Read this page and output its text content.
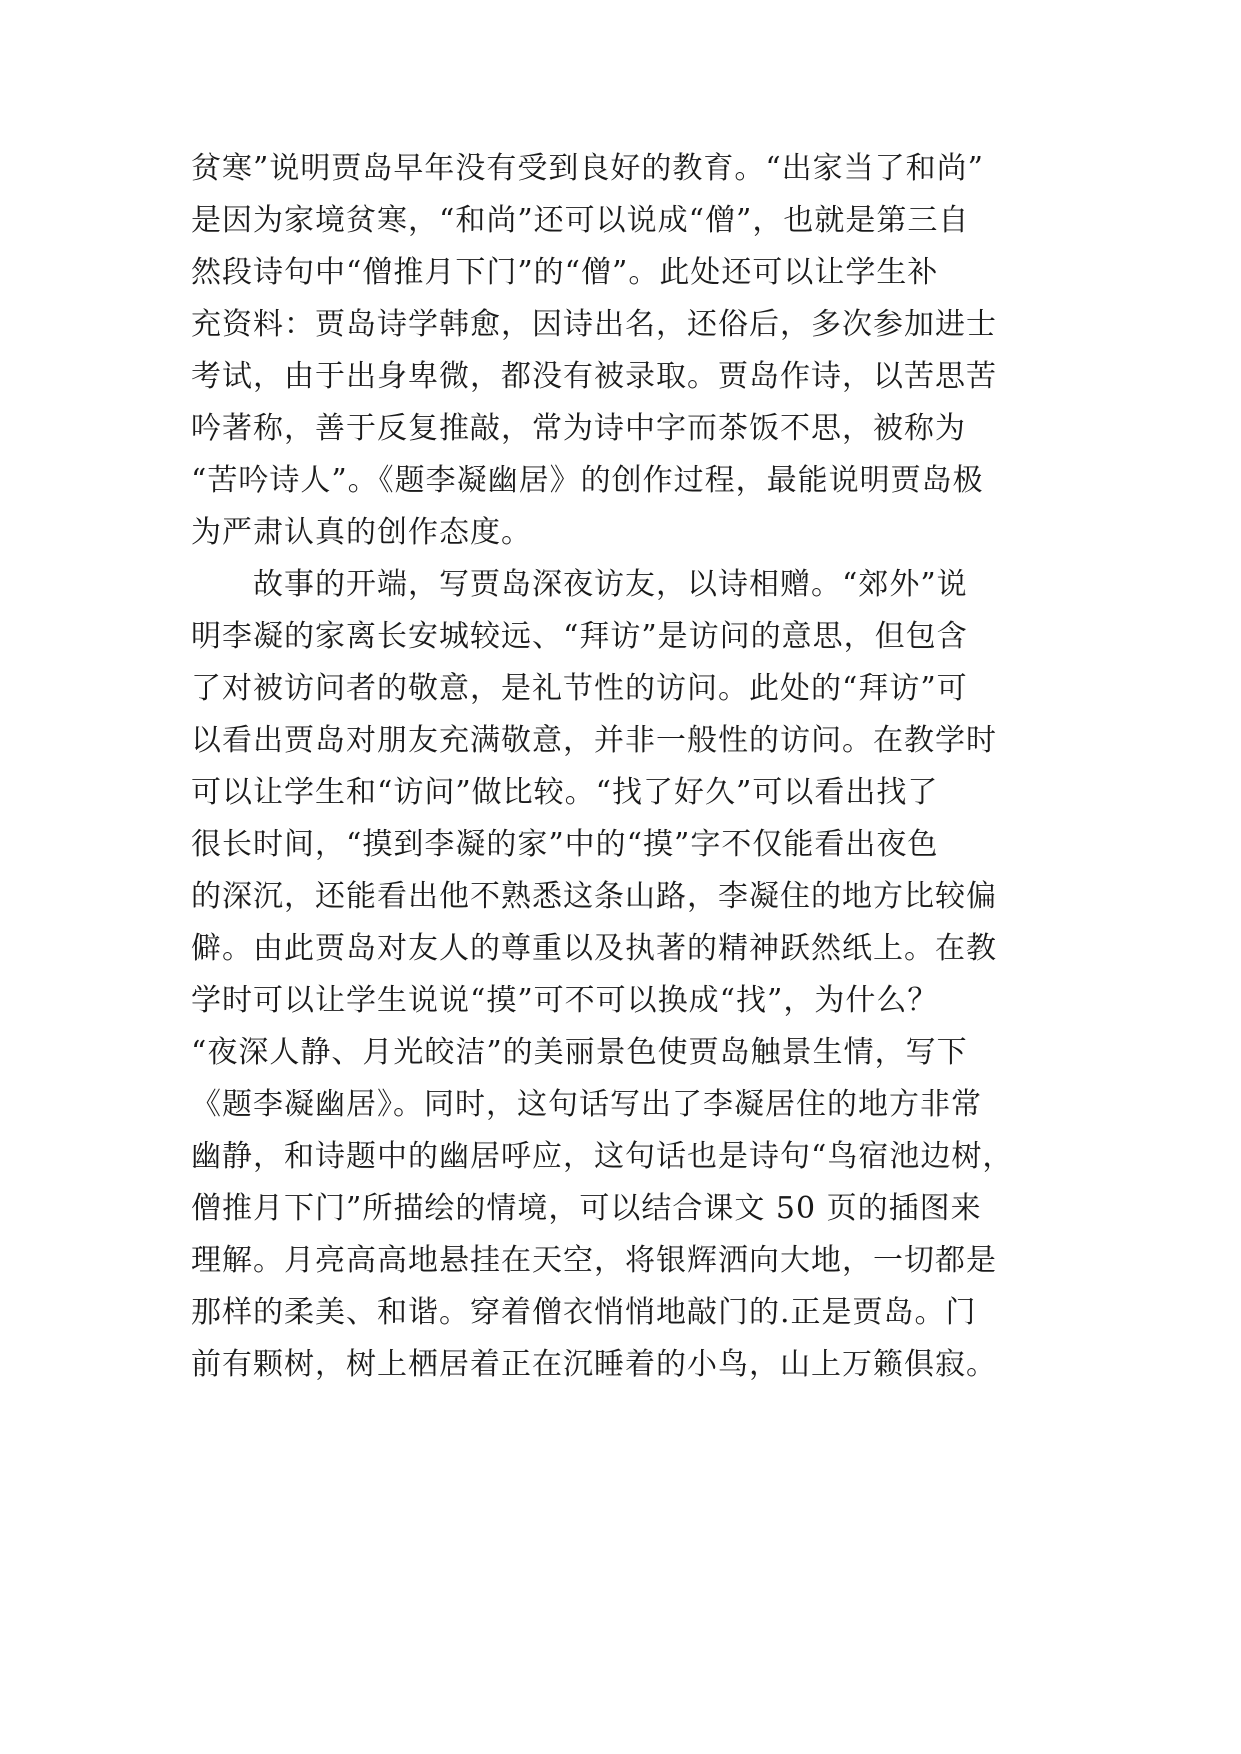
贫寒”说明贾岛早年没有受到良好的教育。“出家当了和尚”
是因为家境贫寒，“和尚”还可以说成“僧”，也就是第三自
然段诗句中“僧推月下门”的“僧”。此处还可以让学生补
充资料：贾岛诗学韩愈，因诗出名，还俗后，多次参加进士
考试，由于出身卑微，都没有被录取。贾岛作诗，以苦思苦
吟著称，善于反复推敲，常为诗中字而茶饭不思，被称为
“苦吟诗人”。《题李凝幽居》的创作过程，最能说明贾岛极
为严肃认真的创作态度。
故事的开端，写贾岛深夜访友，以诗相赠。“郊外”说
明李凝的家离长安城较远、“拜访”是访问的意思，但包含
了对被访问者的敬意，是礼节性的访问。此处的“拜访”可
以看出贾岛对朋友充满敬意，并非一般性的访问。在教学时
可以让学生和“访问”做比较。“找了好久”可以看出找了
很长时间，“摸到李凝的家”中的“摸”字不仅能看出夜色
的深沉，还能看出他不熟悉这条山路，李凝住的地方比较偏
僻。由此贾岛对友人的尊重以及执著的精神跃然纸上。在教
学时可以让学生说说“摸”可不可以换成“找”，为什么？
“夜深人静、月光皎洁”的美丽景色使贾岛触景生情，写下
《题李凝幽居》。同时，这句话写出了李凝居住的地方非常
幽静，和诗题中的幽居呼应，这句话也是诗句“鸟宿池边树，
僧推月下门”所描绘的情境，可以结合课文 50 页的插图来
理解。月亮高高地悬挂在天空，将银辉洒向大地，一切都是
那样的柔美、和谐。穿着僧衣悄悄地敲门的.正是贾岛。门
前有颗树，树上栖居着正在沉睡着的小鸟，山上万籁俱寂。
